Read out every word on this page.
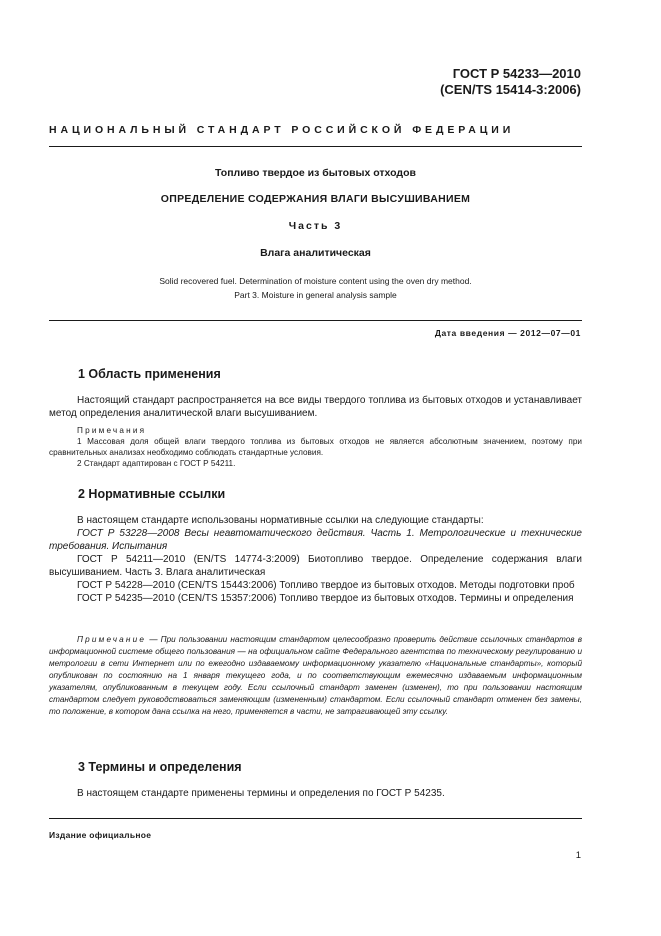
ГОСТ Р 54233—2010
(CEN/TS 15414-3:2006)
НАЦИОНАЛЬНЫЙ СТАНДАРТ РОССИЙСКОЙ ФЕДЕРАЦИИ
Топливо твердое из бытовых отходов
ОПРЕДЕЛЕНИЕ СОДЕРЖАНИЯ ВЛАГИ ВЫСУШИВАНИЕМ
Часть 3
Влага аналитическая
Solid recovered fuel. Determination of moisture content using the oven dry method.
Part 3. Moisture in general analysis sample
Дата введения — 2012—07—01
1 Область применения

Настоящий стандарт распространяется на все виды твердого топлива из бытовых отходов и устанавливает метод определения аналитической влаги высушиванием.

Примечания

1 Массовая доля общей влаги твердого топлива из бытовых отходов не является абсолютным значением, поэтому при сравнительных анализах необходимо соблюдать стандартные условия.

2 Стандарт адаптирован с ГОСТ Р 54211.

2 Нормативные ссылки

В настоящем стандарте использованы нормативные ссылки на следующие стандарты:

ГОСТ Р 53228—2008 Весы неавтоматического действия. Часть 1. Метрологические и технические требования. Испытания

ГОСТ Р 54211—2010 (EN/TS 14774-3:2009) Биотопливо твердое. Определение содержания влаги высушиванием. Часть 3. Влага аналитическая

ГОСТ Р 54228—2010 (CEN/TS 15443:2006) Топливо твердое из бытовых отходов. Методы подготовки проб

ГОСТ Р 54235—2010 (CEN/TS 15357:2006) Топливо твердое из бытовых отходов. Термины и определения

Примечание — При пользовании настоящим стандартом целесообразно проверить действие ссылочных стандартов в информационной системе общего пользования — на официальном сайте Федерального агентства по техническому регулированию и метрологии в сети Интернет или по ежегодно издаваемому информационному указателю «Национальные стандарты», который опубликован по состоянию на 1 января текущего года, и по соответствующим ежемесячно издаваемым информационным указателям, опубликованным в текущем году. Если ссылочный стандарт заменен (изменен), то при пользовании настоящим стандартом следует руководствоваться заменяющим (измененным) стандартом. Если ссылочный стандарт отменен без замены, то положение, в котором дана ссылка на него, применяется в части, не затрагивающей эту ссылку.

3 Термины и определения

В настоящем стандарте применены термины и определения по ГОСТ Р 54235.

Издание официальное
1
